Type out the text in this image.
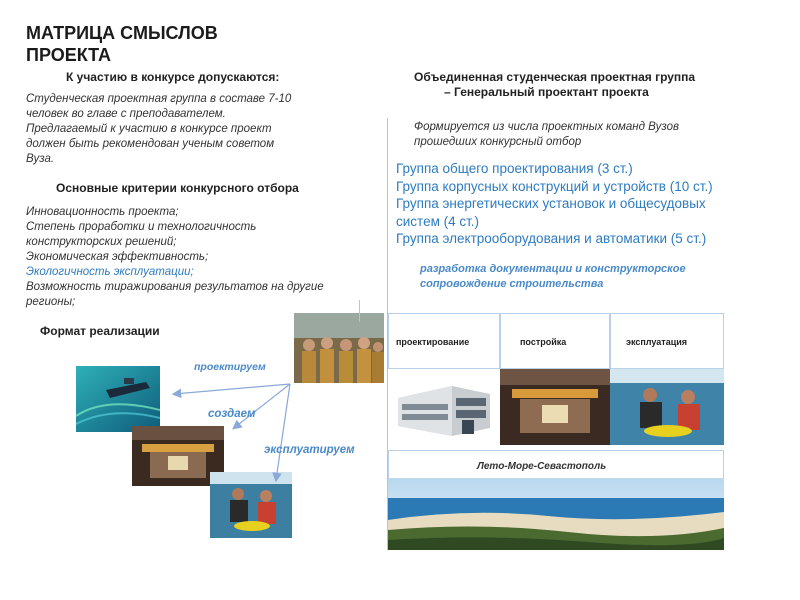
МАТРИЦА СМЫСЛОВ
ПРОЕКТА
К участию в конкурсе допускаются:
Студенческая проектная группа в составе 7-10
человек во главе с преподавателем.
Предлагаемый к участию в конкурсе проект
должен быть рекомендован ученым советом
Вуза.
Основные критерии конкурсного отбора
Инновационность проекта;
Степень проработки и технологичность
конструкторских решений;
Экономическая эффективность;
Экологичность эксплуатации;
Возможность тиражирования результатов на другие
регионы;
Формат реализации
проектируем
создаем
эксплуатируем
Объединенная студенческая проектная группа
– Генеральный проектант проекта
Формируется из числа проектных команд Вузов
прошедших конкурсный отбор
Группа общего проектирования (3 ст.)
Группа корпусных конструкций и устройств (10 ст.)
Группа энергетических установок и общесудовых
систем (4 ст.)
Группа электрооборудования и автоматики (5 ст.)
разработка документации и конструкторское
сопровождение строительства
проектирование	постройка	эксплуатация
Лето-Море-Севастополь
